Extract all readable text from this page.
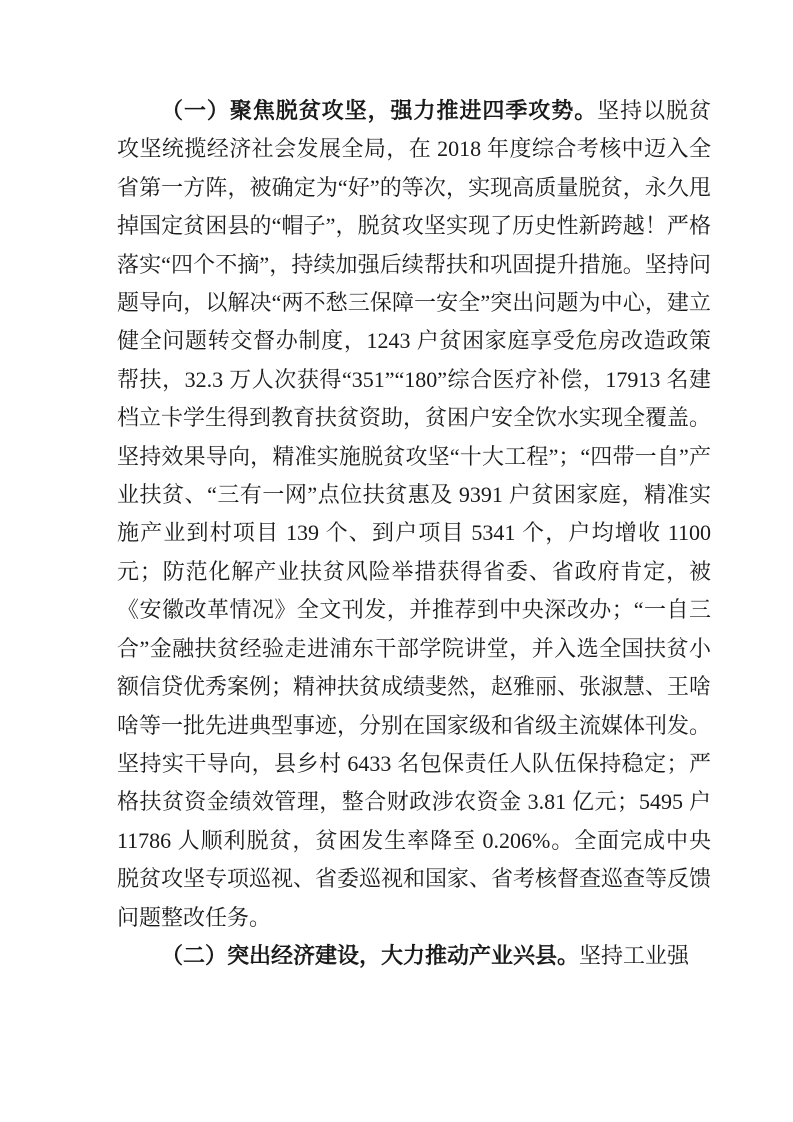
（一）聚焦脱贫攻坚，强力推进四季攻势。坚持以脱贫攻坚统揽经济社会发展全局，在 2018 年度综合考核中迈入全省第一方阵，被确定为“好”的等次，实现高质量脱贫，永久甩掉国定贫困县的“帽子”，脱贫攻坚实现了历史性新跨越！严格落实“四个不摘”，持续加强后续帮扶和巩固提升措施。坚持问题导向，以解决“两不愁三保障一安全”突出问题为中心，建立健全问题转交督办制度，1243 户贫困家庭享受危房改造政策帮扶，32.3 万人次获得“351”“180”综合医疗补偿，17913 名建档立卡学生得到教育扶贫资助，贫困户安全饮水实现全覆盖。坚持效果导向，精准实施脱贫攻坚“十大工程”；“四带一自”产业扶贫、“三有一网”点位扶贫惠及 9391 户贫困家庭，精准实施产业到村项目 139 个、到户项目 5341 个，户均增收 1100 元；防范化解产业扶贫风险举措获得省委、省政府肯定，被《安徽改革情况》全文刊发，并推荐到中央深改办；“一自三合”金融扶贫经验走进浦东干部学院讲堂，并入选全国扶贫小额信贷优秀案例；精神扶贫成绩斐然，赵雅丽、张淑慧、王啥啥等一批先进典型事迹，分别在国家级和省级主流媒体刊发。坚持实干导向，县乡村 6433 名包保责任人队伍保持稳定；严格扶贫资金绩效管理，整合财政涉农资金 3.81 亿元；5495 户 11786 人顺利脱贫，贫困发生率降至 0.206%。全面完成中央脱贫攻坚专项巡视、省委巡视和国家、省考核督查巡查等反馈问题整改任务。

（二）突出经济建设，大力推动产业兴县。坚持工业强
